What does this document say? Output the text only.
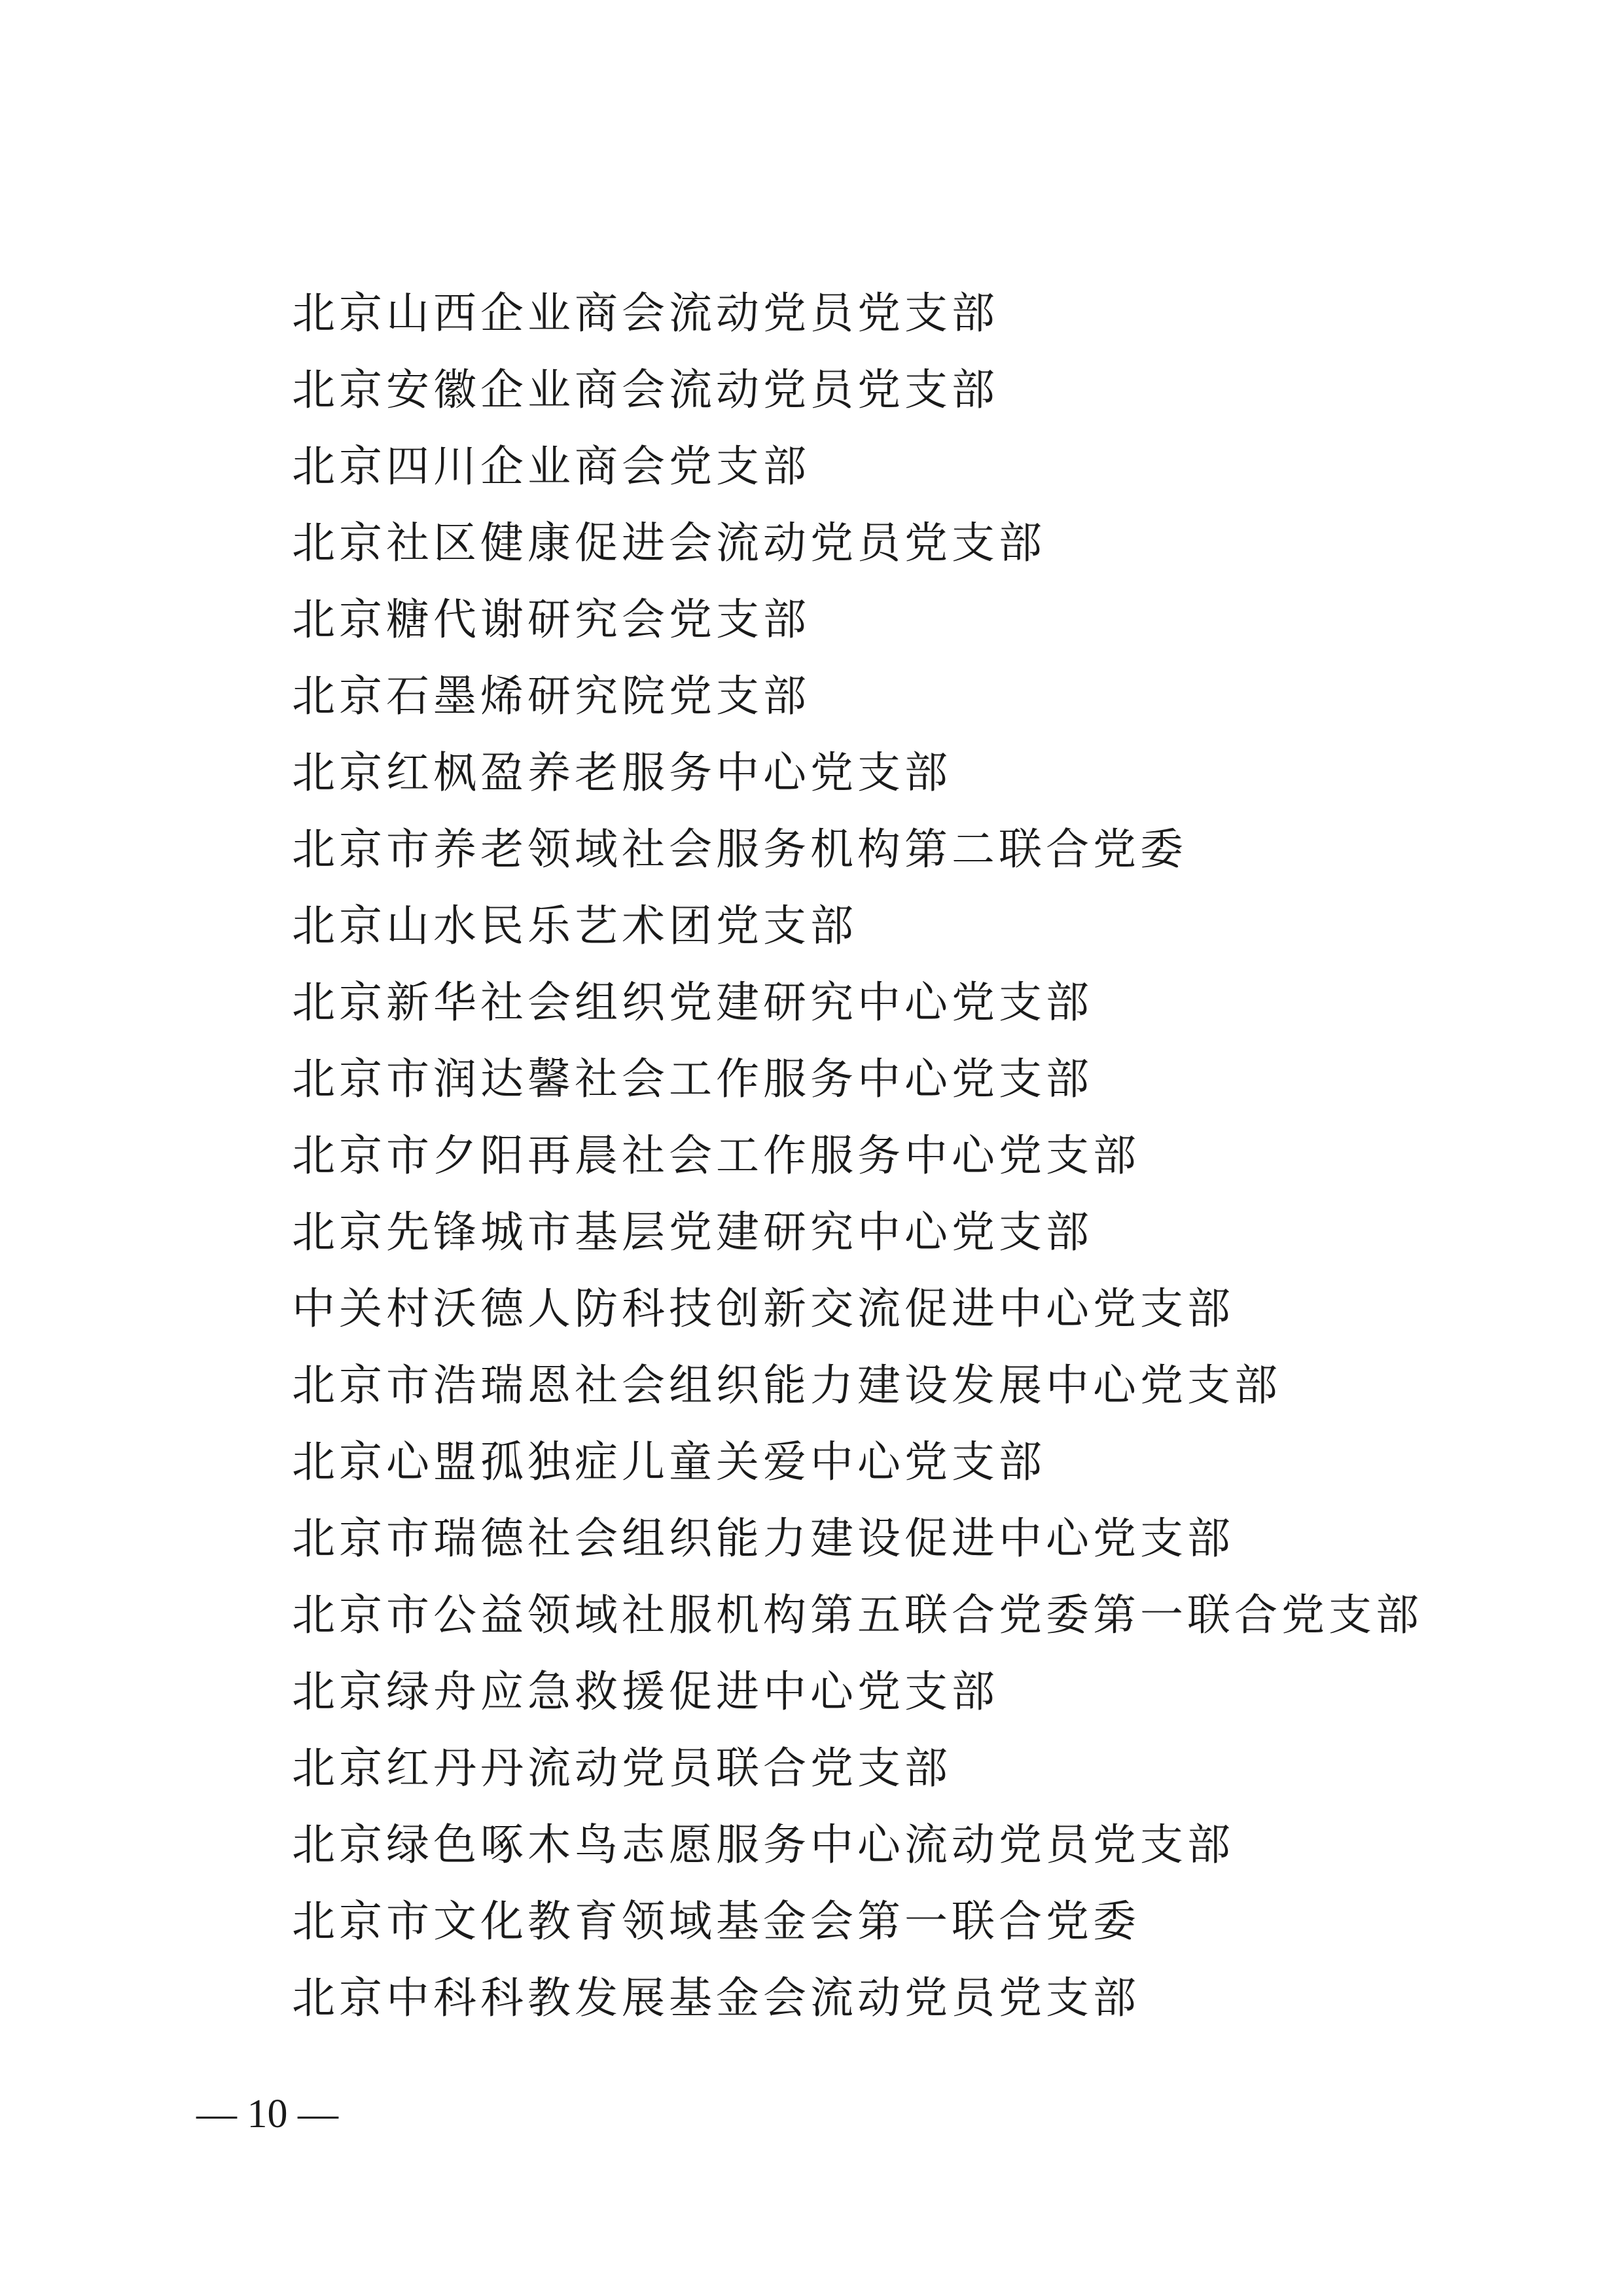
北京山西企业商会流动党员党支部
北京安徽企业商会流动党员党支部
北京四川企业商会党支部
北京社区健康促进会流动党员党支部
北京糖代谢研究会党支部
北京石墨烯研究院党支部
北京红枫盈养老服务中心党支部
北京市养老领域社会服务机构第二联合党委
北京山水民乐艺术团党支部
北京新华社会组织党建研究中心党支部
北京市润达馨社会工作服务中心党支部
北京市夕阳再晨社会工作服务中心党支部
北京先锋城市基层党建研究中心党支部
中关村沃德人防科技创新交流促进中心党支部
北京市浩瑞恩社会组织能力建设发展中心党支部
北京心盟孤独症儿童关爱中心党支部
北京市瑞德社会组织能力建设促进中心党支部
北京市公益领域社服机构第五联合党委第一联合党支部
北京绿舟应急救援促进中心党支部
北京红丹丹流动党员联合党支部
北京绿色啄木鸟志愿服务中心流动党员党支部
北京市文化教育领域基金会第一联合党委
北京中科科教发展基金会流动党员党支部
— 10 —
